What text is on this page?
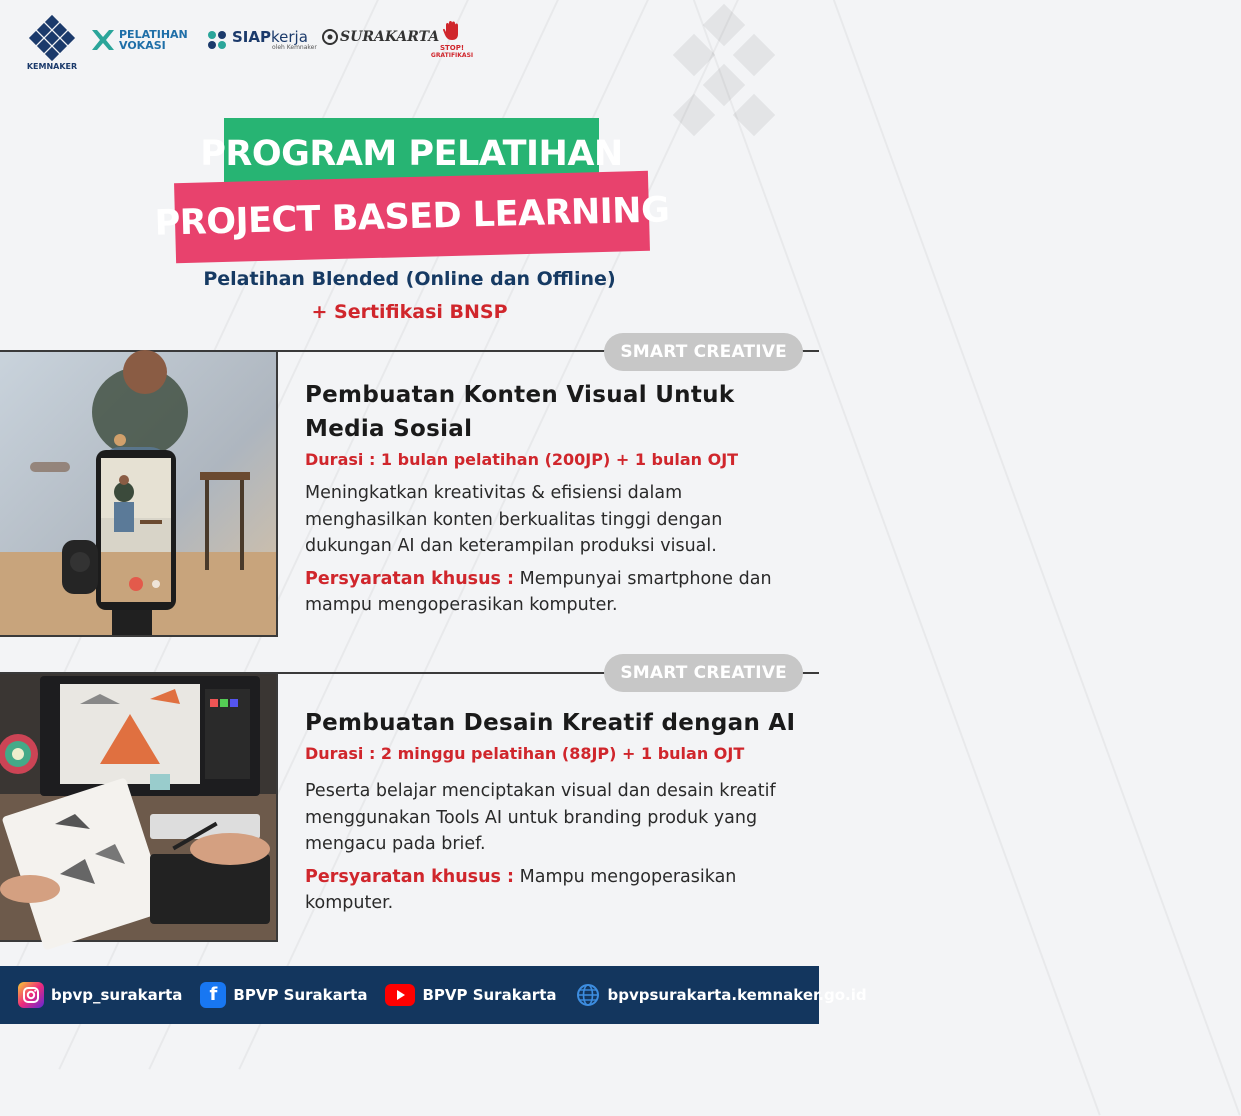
KEMNAKER
PELATIHAN
VOKASI	SIAPkerja
oleh Kemnaker
SURAKARTA
STOP!
GRATIFIKASI
PROGRAM PELATIHAN
PROJECT BASED LEARNING
Pelatihan Blended (Online dan Offline)
+ Sertifikasi BNSP
SMART CREATIVE
Pembuatan Konten Visual Untuk Media Sosial
Durasi : 1 bulan pelatihan (200JP) + 1 bulan OJT
Meningkatkan kreativitas & efisiensi dalam menghasilkan konten berkualitas tinggi dengan dukungan AI dan keterampilan produksi visual.
Persyaratan khusus : Mempunyai smartphone dan mampu mengoperasikan komputer.
SMART CREATIVE
Pembuatan Desain Kreatif dengan AI
Durasi : 2 minggu pelatihan (88JP) + 1 bulan OJT
Peserta belajar menciptakan visual dan desain kreatif menggunakan Tools AI untuk branding produk yang mengacu pada brief.
Persyaratan khusus : Mampu mengoperasikan komputer.
bpvp_surakarta f BPVP Surakarta	BPVP Surakarta	bpvpsurakarta.kemnaker.go.id
